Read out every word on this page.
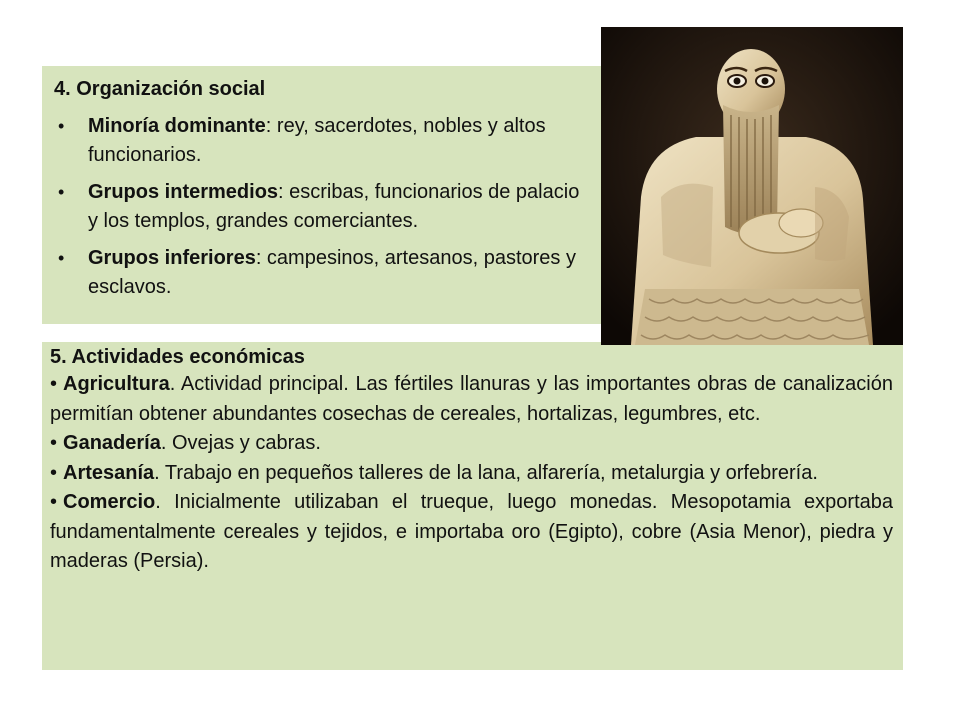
4. Organización social
• Minoría dominante: rey, sacerdotes, nobles y altos funcionarios.
• Grupos intermedios: escribas, funcionarios de palacio y los templos, grandes comerciantes.
• Grupos inferiores: campesinos, artesanos, pastores y esclavos.
5. Actividades económicas

• Agricultura. Actividad principal. Las fértiles llanuras y las importantes obras de canalización permitían obtener abundantes cosechas de cereales, hortalizas, legumbres, etc.

• Ganadería. Ovejas y cabras.

• Artesanía. Trabajo en pequeños talleres de la lana, alfarería, metalurgia y orfebrería.

• Comercio. Inicialmente utilizaban el trueque, luego monedas. Mesopotamia exportaba fundamentalmente cereales y tejidos, e importaba oro (Egipto), cobre (Asia Menor), piedra y maderas (Persia).
